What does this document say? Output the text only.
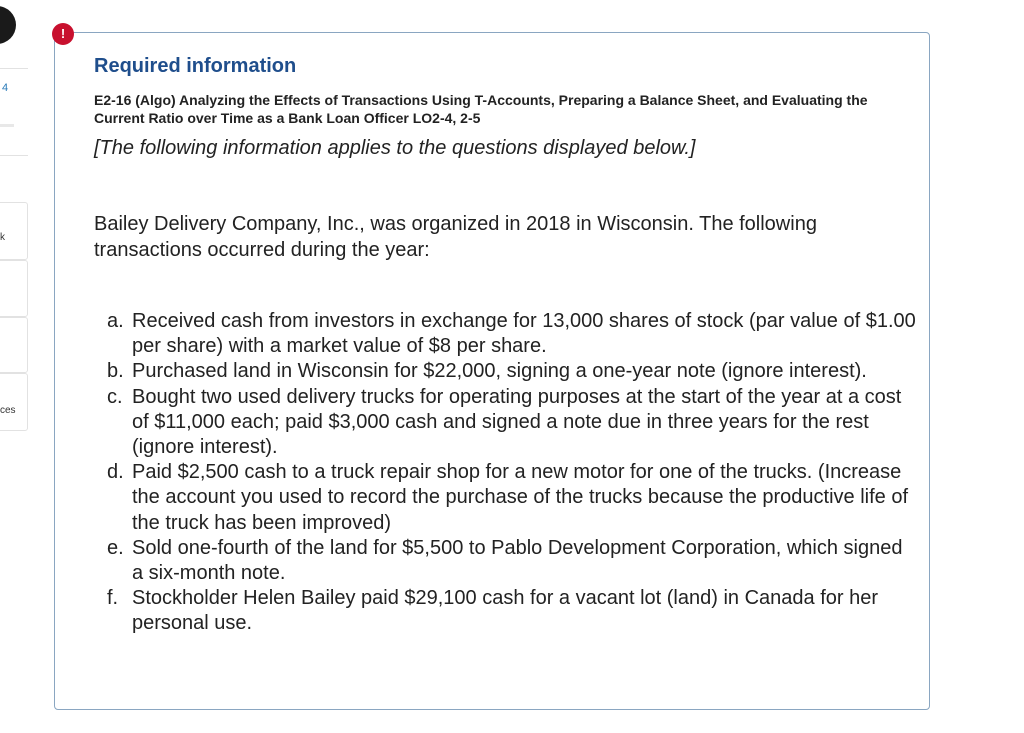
4
k
ces
Required information

E2-16 (Algo) Analyzing the Effects of Transactions Using T-Accounts, Preparing a Balance Sheet, and Evaluating the Current Ratio over Time as a Bank Loan Officer LO2-4, 2-5

[The following information applies to the questions displayed below.]

Bailey Delivery Company, Inc., was organized in 2018 in Wisconsin. The following transactions occurred during the year:

a. Received cash from investors in exchange for 13,000 shares of stock (par value of $1.00 per share) with a market value of $8 per share.
b. Purchased land in Wisconsin for $22,000, signing a one-year note (ignore interest).
c. Bought two used delivery trucks for operating purposes at the start of the year at a cost of $11,000 each; paid $3,000 cash and signed a note due in three years for the rest (ignore interest).
d. Paid $2,500 cash to a truck repair shop for a new motor for one of the trucks. (Increase the account you used to record the purchase of the trucks because the productive life of the truck has been improved)
e. Sold one-fourth of the land for $5,500 to Pablo Development Corporation, which signed a six-month note.
f. Stockholder Helen Bailey paid $29,100 cash for a vacant lot (land) in Canada for her personal use.
!
